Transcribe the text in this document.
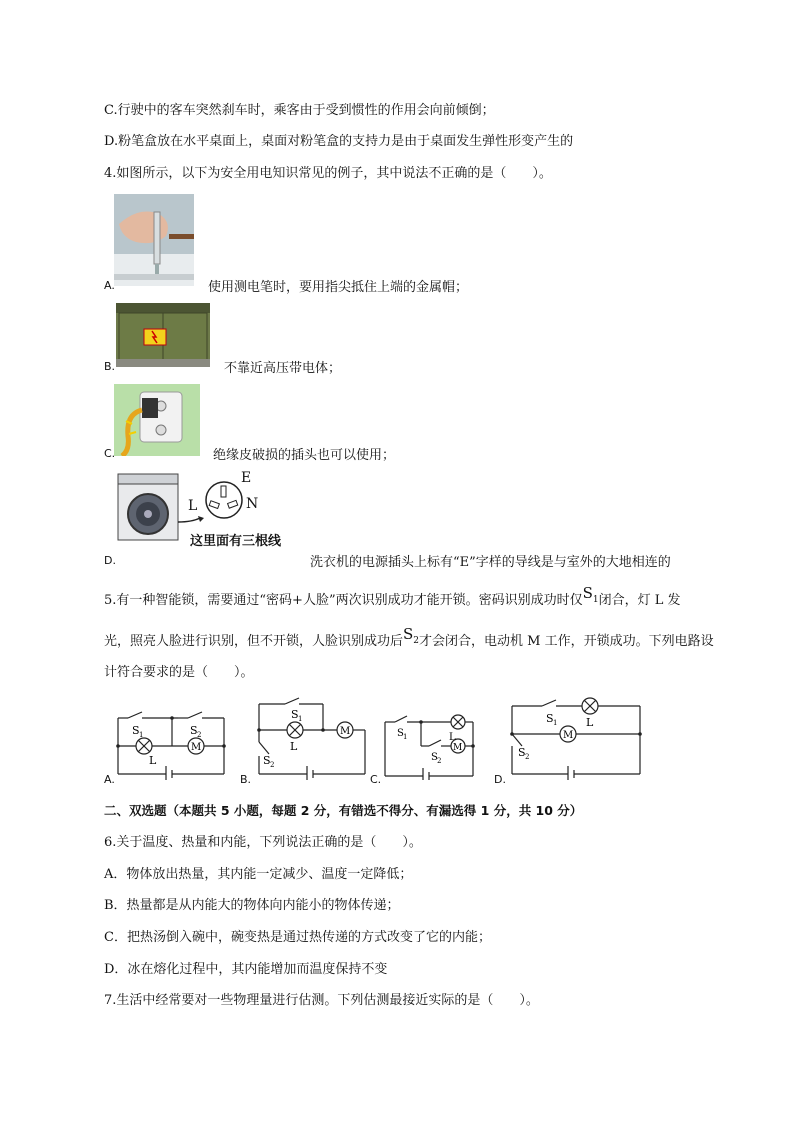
C.行驶中的客车突然刹车时，乘客由于受到惯性的作用会向前倾倒；
D.粉笔盒放在水平桌面上，桌面对粉笔盒的支持力是由于桌面发生弹性形变产生的
4.如图所示，以下为安全用电知识常见的例子，其中说法不正确的是（　　）。
A.	使用测电笔时，要用指尖抵住上端的金属帽；
B.	不靠近高压带电体；
C.	绝缘皮破损的插头也可以使用；
E
L	N
这里面有三根线
D.	洗衣机的电源插头上标有“E”字样的导线是与室外的大地相连的
5.有一种智能锁，需要通过“密码+人脸”两次识别成功才能开锁。密码识别成功时仅$S_1$闭合，灯 L 发
光，照亮人脸进行识别，但不开锁，人脸识别成功后$S_2$才会闭合，电动机 M 工作，开锁成功。下列电路设
计符合要求的是（　　）。
S 1	S 2
L
M
A.
S 1
S 2
L
M
B.
S 1
S 2
L
M
C.
S 1
S 2
L
M
D.
二、双选题（本题共 5 小题，每题 2 分，有错选不得分、有漏选得 1 分，共 10 分）
6.关于温度、热量和内能，下列说法正确的是（　　）。
A．物体放出热量，其内能一定减少、温度一定降低；
B．热量都是从内能大的物体向内能小的物体传递；
C．把热汤倒入碗中，碗变热是通过热传递的方式改变了它的内能；
D．冰在熔化过程中，其内能增加而温度保持不变
7.生活中经常要对一些物理量进行估测。下列估测最接近实际的是（　　）。
